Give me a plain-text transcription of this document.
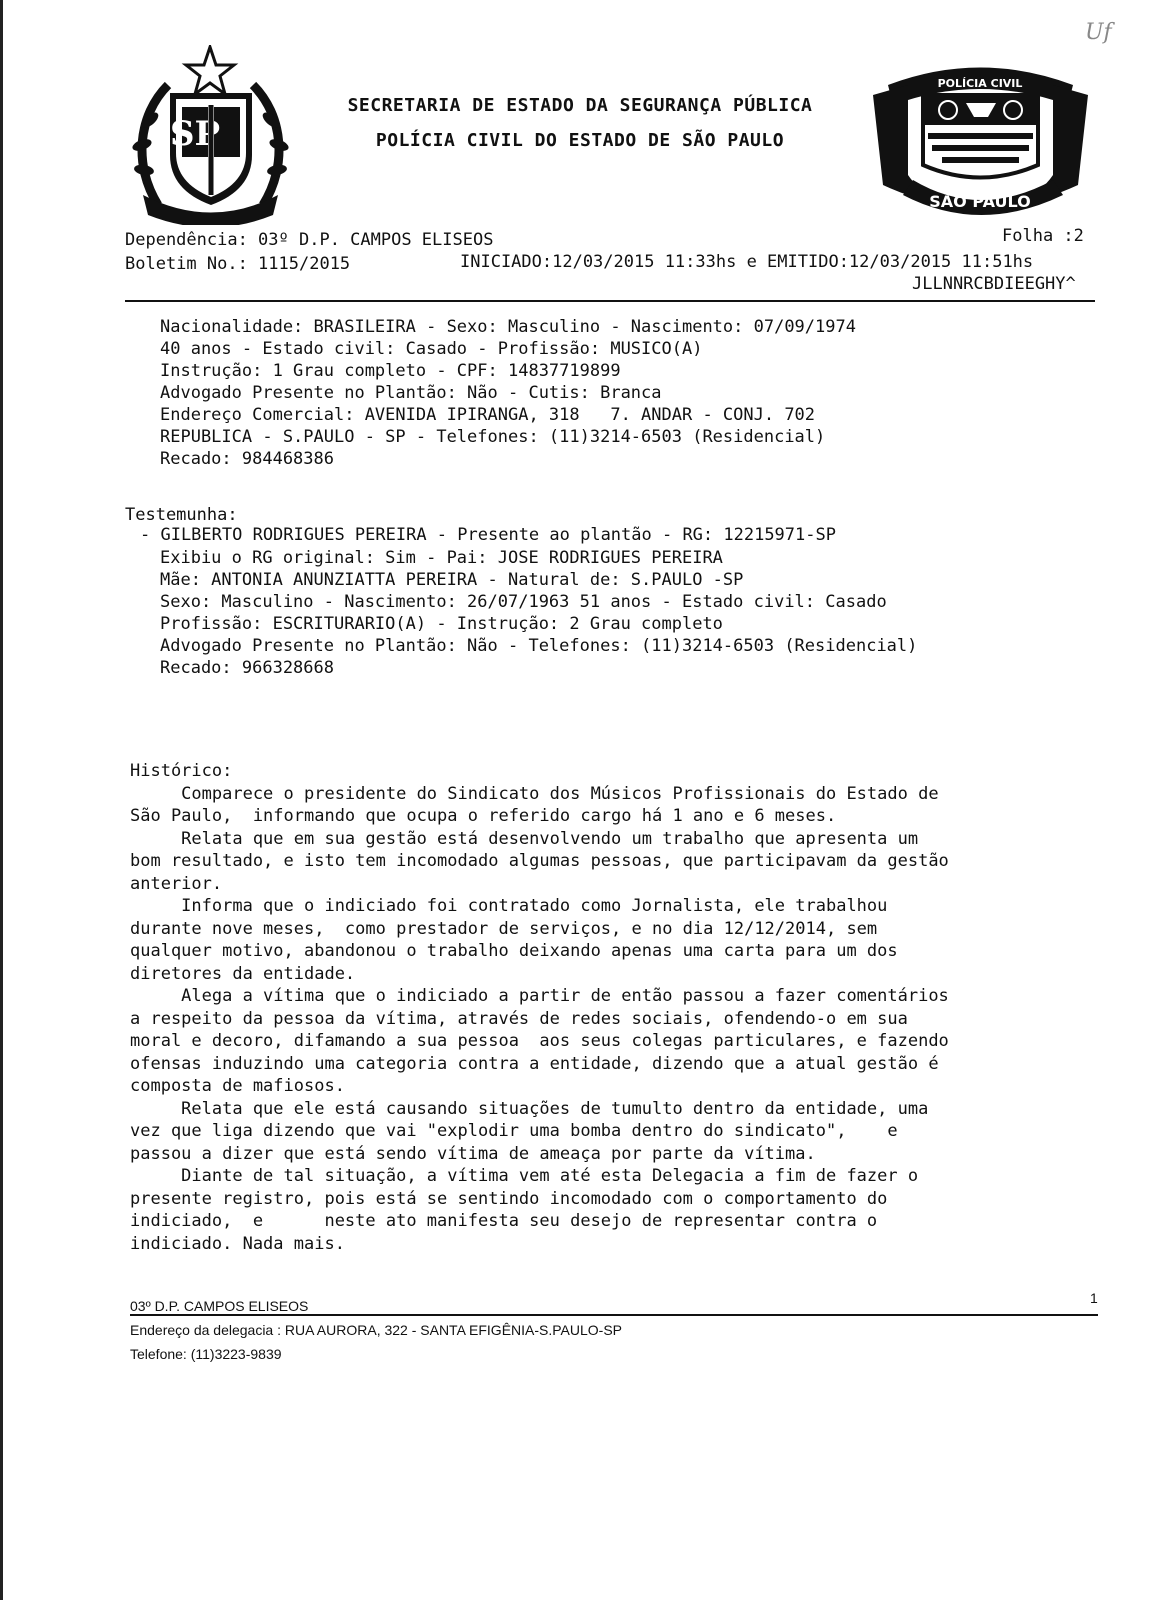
Uf
SP
SECRETARIA DE ESTADO DA SEGURANÇA PÚBLICA
POLÍCIA CIVIL DO ESTADO DE SÃO PAULO
POLÍCIA CIVIL
SÃO PAULO
Dependência: 03º D.P. CAMPOS ELISEOS	Folha :2
Boletim No.: 1115/2015	INICIADO:12/03/2015 11:33hs e EMITIDO:12/03/2015 11:51hs
JLLNNRCBDIEEGHY^
Nacionalidade: BRASILEIRA - Sexo: Masculino - Nascimento: 07/09/1974
40 anos - Estado civil: Casado - Profissão: MUSICO(A)
Instrução: 1 Grau completo - CPF: 14837719899
Advogado Presente no Plantão: Não - Cutis: Branca
Endereço Comercial: AVENIDA IPIRANGA, 318   7. ANDAR - CONJ. 702
REPUBLICA - S.PAULO - SP - Telefones: (11)3214-6503 (Residencial)
Recado: 984468386
Testemunha:
- GILBERTO RODRIGUES PEREIRA - Presente ao plantão - RG: 12215971-SP
Exibiu o RG original: Sim - Pai: JOSE RODRIGUES PEREIRA
Mãe: ANTONIA ANUNZIATTA PEREIRA - Natural de: S.PAULO -SP
Sexo: Masculino - Nascimento: 26/07/1963 51 anos - Estado civil: Casado
Profissão: ESCRITURARIO(A) - Instrução: 2 Grau completo
Advogado Presente no Plantão: Não - Telefones: (11)3214-6503 (Residencial)
Recado: 966328668
Histórico:
Comparece o presidente do Sindicato dos Músicos Profissionais do Estado de
São Paulo,  informando que ocupa o referido cargo há 1 ano e 6 meses.
Relata que em sua gestão está desenvolvendo um trabalho que apresenta um
bom resultado, e isto tem incomodado algumas pessoas, que participavam da gestão
anterior.
Informa que o indiciado foi contratado como Jornalista, ele trabalhou
durante nove meses,  como prestador de serviços, e no dia 12/12/2014, sem
qualquer motivo, abandonou o trabalho deixando apenas uma carta para um dos
diretores da entidade.
Alega a vítima que o indiciado a partir de então passou a fazer comentários
a respeito da pessoa da vítima, através de redes sociais, ofendendo-o em sua
moral e decoro, difamando a sua pessoa  aos seus colegas particulares, e fazendo
ofensas induzindo uma categoria contra a entidade, dizendo que a atual gestão é
composta de mafiosos.
Relata que ele está causando situações de tumulto dentro da entidade, uma
vez que liga dizendo que vai "explodir uma bomba dentro do sindicato",    e
passou a dizer que está sendo vítima de ameaça por parte da vítima.
Diante de tal situação, a vítima vem até esta Delegacia a fim de fazer o
presente registro, pois está se sentindo incomodado com o comportamento do
indiciado,  e      neste ato manifesta seu desejo de representar contra o
indiciado. Nada mais.
03º D.P. CAMPOS ELISEOS	1
Endereço da delegacia : RUA AURORA, 322 - SANTA EFIGÊNIA-S.PAULO-SP
Telefone: (11)3223-9839
